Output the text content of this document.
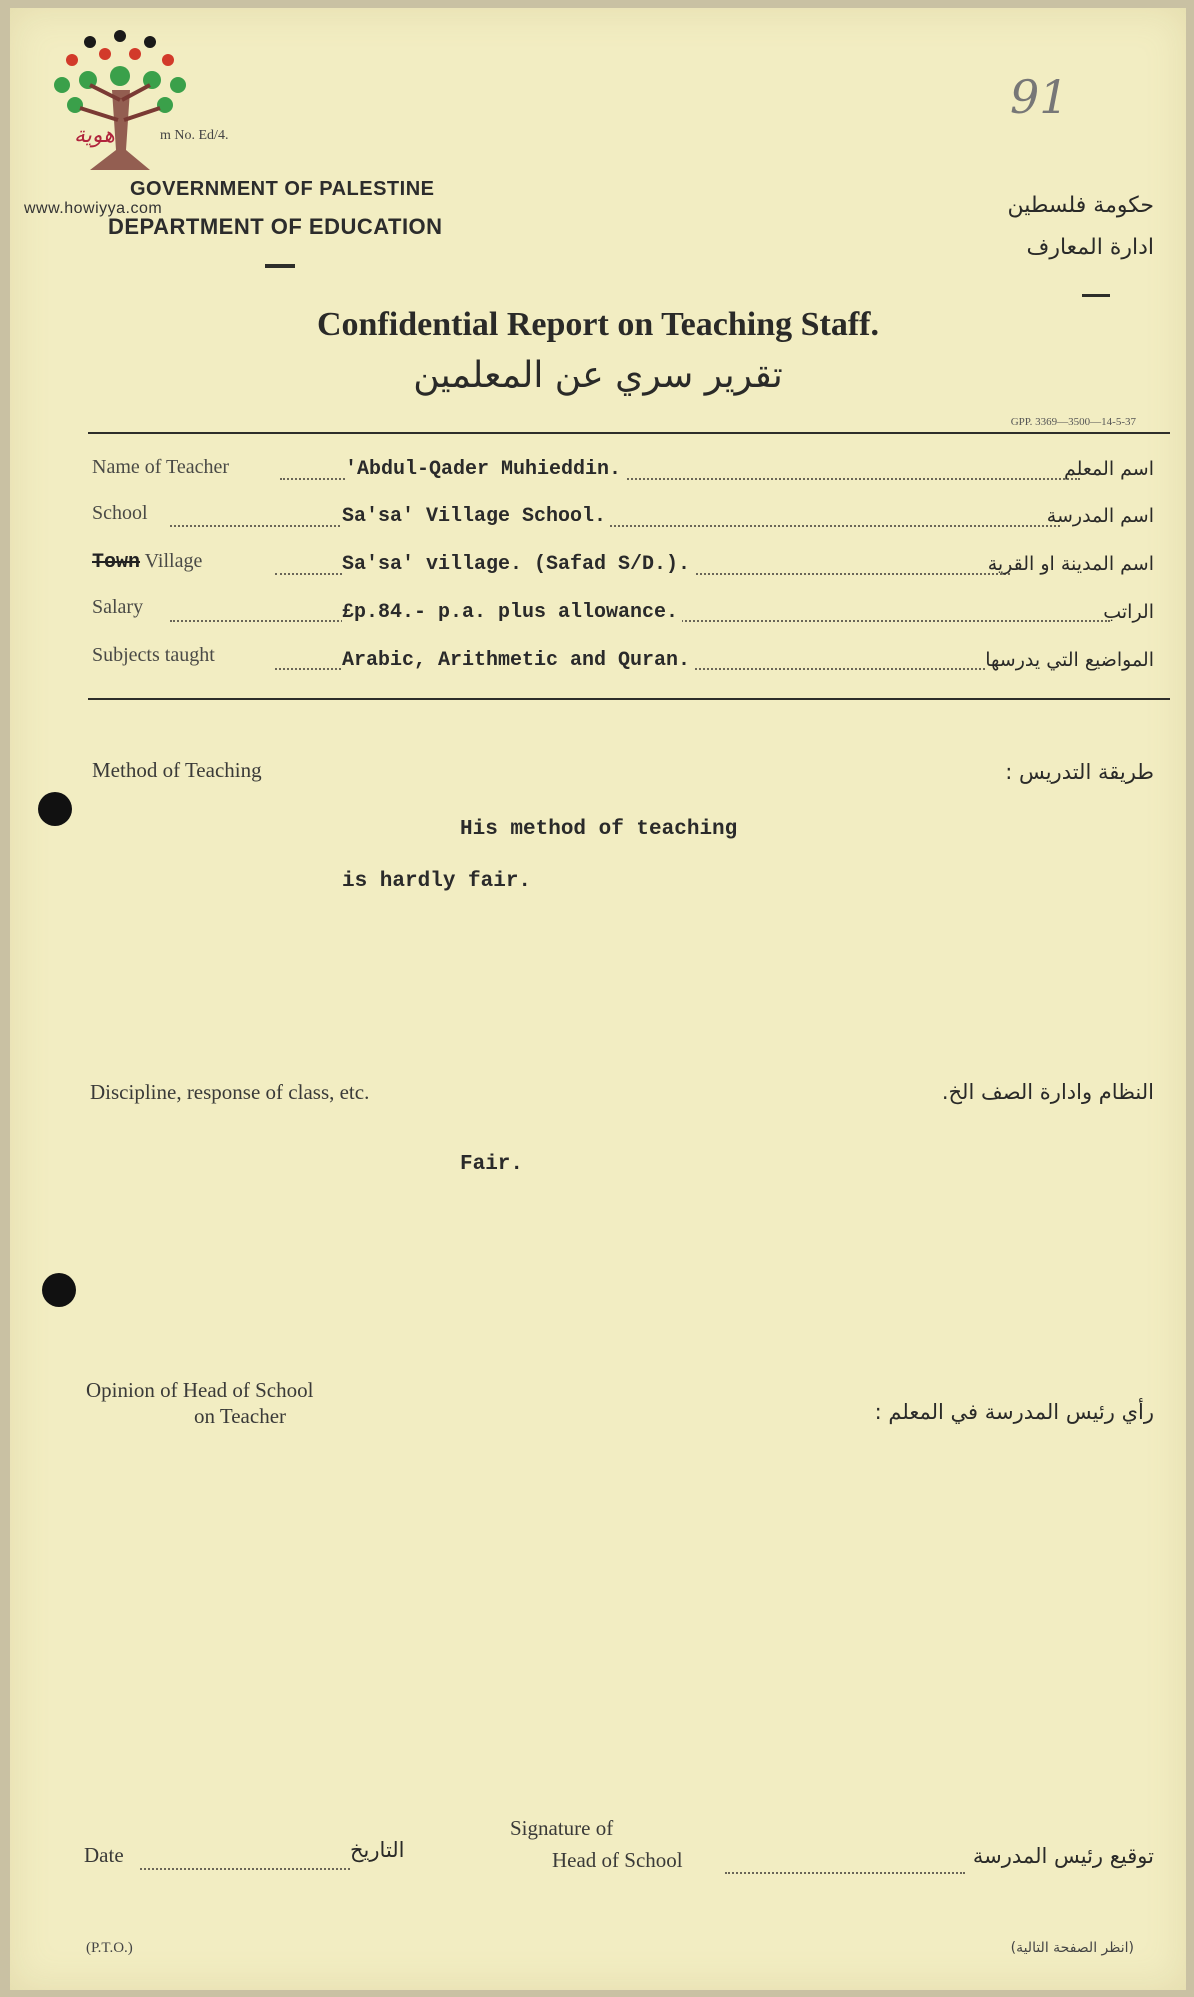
هوية
www.howiyya.com
m No. Ed/4.
91
GOVERNMENT OF PALESTINE
DEPARTMENT OF EDUCATION
حكومة فلسطين
ادارة المعارف
Confidential Report on Teaching Staff.
تقرير سري عن المعلمين
GPP. 3369—3500—14-5-37
Name of Teacher	'Abdul-Qader Muhieddin.	اسم المعلم
School	Sa'sa' Village School.	اسم المدرسة
Town Village	Sa'sa' village. (Safad S/D.).	اسم المدينة او القرية
Salary	£p.84.- p.a. plus allowance.	الراتب
Subjects taught	Arabic, Arithmetic and Quran.	المواضيع التي يدرسها
Method of Teaching	طريقة التدريس :
His method of teaching
is hardly fair.
Discipline, response of class, etc.	النظام وادارة الصف الخ.
Fair.
Opinion of Head of School
on Teacher	رأي رئيس المدرسة في المعلم :
Date	التاريخ
Signature of
Head of School	توقيع رئيس المدرسة
(P.T.O.)	(انظر الصفحة التالية)
